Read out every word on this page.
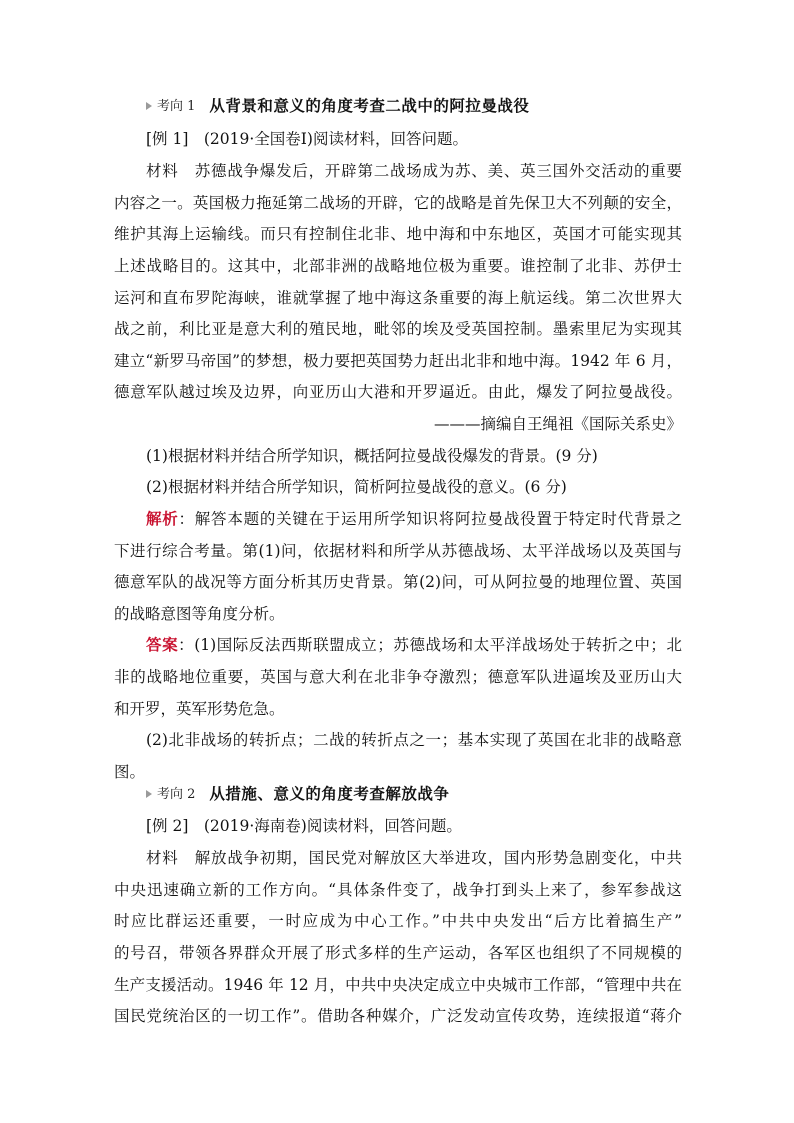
考向 1 从背景和意义的角度考查二战中的阿拉曼战役
[例 1]　(2019·全国卷Ⅰ)阅读材料，回答问题。
材料　苏德战争爆发后，开辟第二战场成为苏、美、英三国外交活动的重要
内容之一。英国极力拖延第二战场的开辟，它的战略是首先保卫大不列颠的安全，
维护其海上运输线。而只有控制住北非、地中海和中东地区，英国才可能实现其
上述战略目的。这其中，北部非洲的战略地位极为重要。谁控制了北非、苏伊士
运河和直布罗陀海峡，谁就掌握了地中海这条重要的海上航运线。第二次世界大
战之前，利比亚是意大利的殖民地，毗邻的埃及受英国控制。墨索里尼为实现其
建立“新罗马帝国”的梦想，极力要把英国势力赶出北非和地中海。1942 年 6 月，
德意军队越过埃及边界，向亚历山大港和开罗逼近。由此，爆发了阿拉曼战役。
———摘编自王绳祖《国际关系史》
(1)根据材料并结合所学知识，概括阿拉曼战役爆发的背景。(9 分)
(2)根据材料并结合所学知识，简析阿拉曼战役的意义。(6 分)
解析：解答本题的关键在于运用所学知识将阿拉曼战役置于特定时代背景之
下进行综合考量。第(1)问，依据材料和所学从苏德战场、太平洋战场以及英国与
德意军队的战况等方面分析其历史背景。第(2)问，可从阿拉曼的地理位置、英国
的战略意图等角度分析。
答案：(1)国际反法西斯联盟成立；苏德战场和太平洋战场处于转折之中；北
非的战略地位重要，英国与意大利在北非争夺激烈；德意军队进逼埃及亚历山大
和开罗，英军形势危急。
(2)北非战场的转折点；二战的转折点之一；基本实现了英国在北非的战略意
图。
考向 2 从措施、意义的角度考查解放战争
[例 2]　(2019·海南卷)阅读材料，回答问题。
材料　解放战争初期，国民党对解放区大举进攻，国内形势急剧变化，中共
中央迅速确立新的工作方向。“具体条件变了，战争打到头上来了，参军参战这
时应比群运还重要，一时应成为中心工作。”中共中央发出“后方比着搞生产”
的号召，带领各界群众开展了形式多样的生产运动，各军区也组织了不同规模的
生产支援活动。1946 年 12 月，中共中央决定成立中央城市工作部，“管理中共在
国民党统治区的一切工作”。借助各种媒介，广泛发动宣传攻势，连续报道“蒋介
